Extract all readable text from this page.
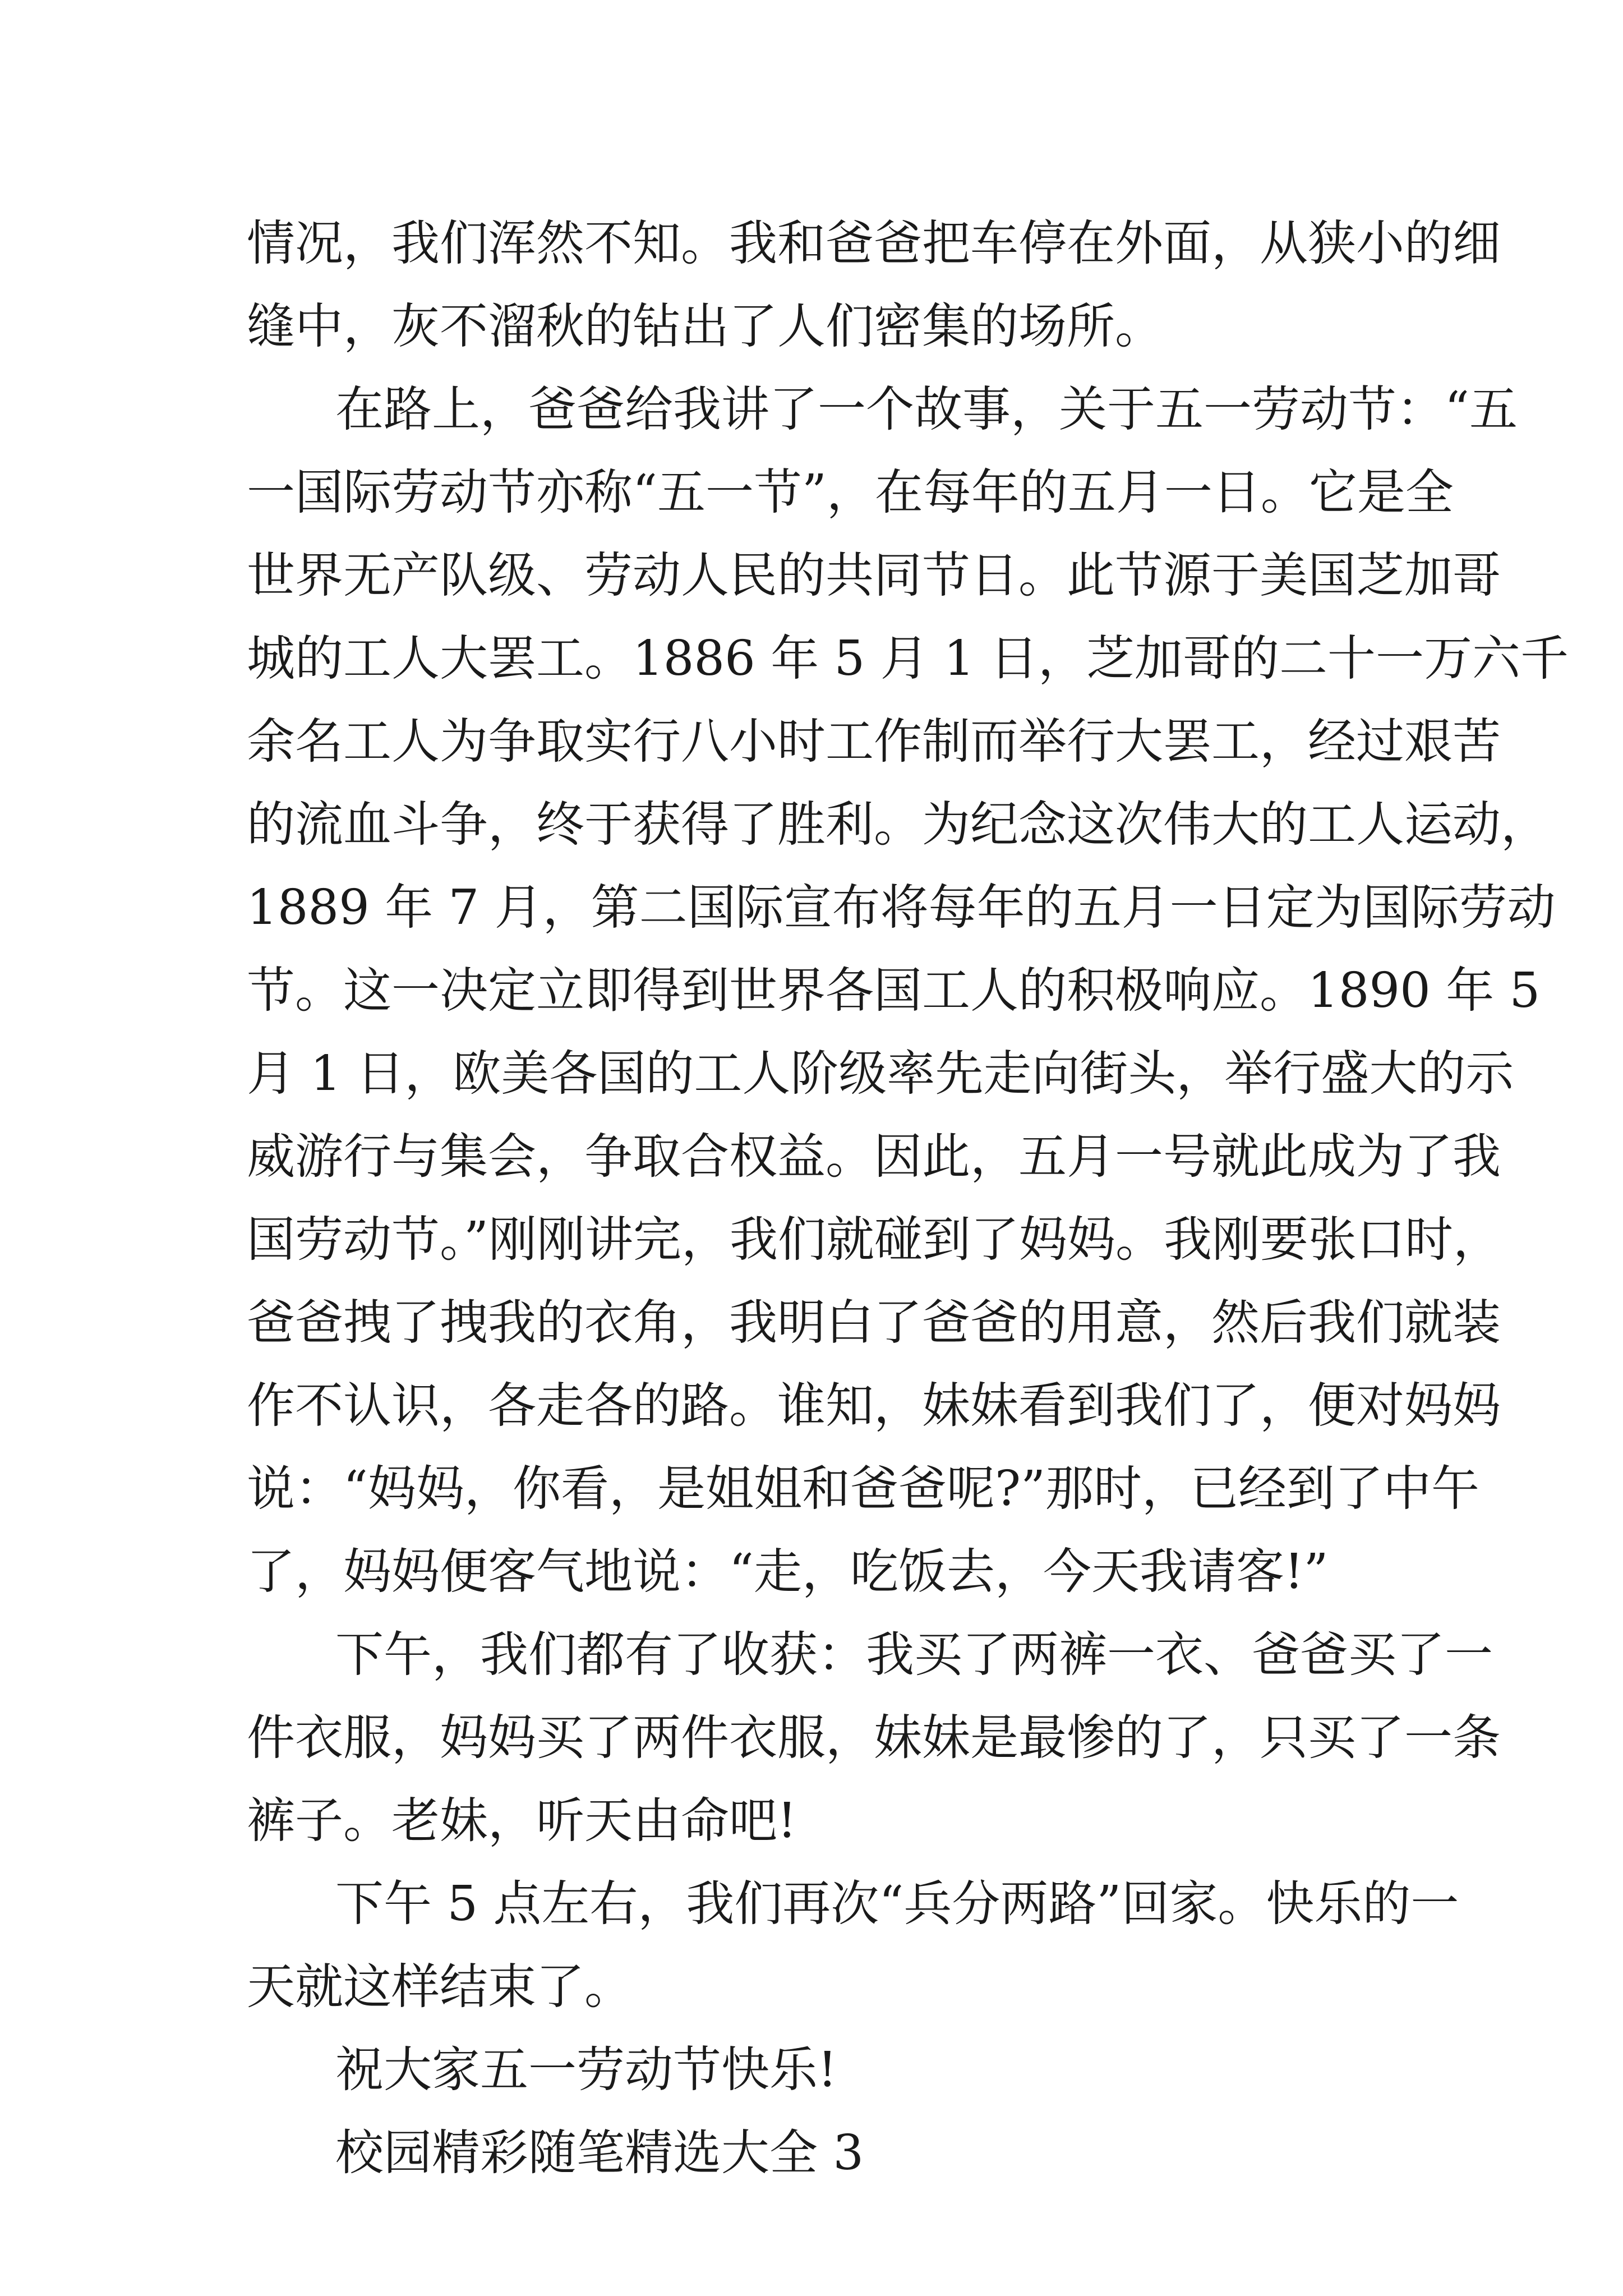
情况，我们浑然不知。我和爸爸把车停在外面，从狭小的细
缝中，灰不溜秋的钻出了人们密集的场所。
在路上，爸爸给我讲了一个故事，关于五一劳动节：“五
一国际劳动节亦称“五一节”，在每年的五月一日。它是全
世界无产队级、劳动人民的共同节日。此节源于美国芝加哥
城的工人大罢工。1886 年 5 月 1 日，芝加哥的二十一万六千
余名工人为争取实行八小时工作制而举行大罢工，经过艰苦
的流血斗争，终于获得了胜利。为纪念这次伟大的工人运动，
1889 年 7 月，第二国际宣布将每年的五月一日定为国际劳动
节。这一决定立即得到世界各国工人的积极响应。1890 年 5
月 1 日，欧美各国的工人阶级率先走向街头，举行盛大的示
威游行与集会，争取合权益。因此，五月一号就此成为了我
国劳动节。”刚刚讲完，我们就碰到了妈妈。我刚要张口时，
爸爸拽了拽我的衣角，我明白了爸爸的用意，然后我们就装
作不认识，各走各的路。谁知，妹妹看到我们了，便对妈妈
说：“妈妈，你看，是姐姐和爸爸呢?”那时，已经到了中午
了，妈妈便客气地说：“走，吃饭去，今天我请客!”
下午，我们都有了收获：我买了两裤一衣、爸爸买了一
件衣服，妈妈买了两件衣服，妹妹是最惨的了，只买了一条
裤子。老妹，听天由命吧!
下午 5 点左右，我们再次“兵分两路”回家。快乐的一
天就这样结束了。
祝大家五一劳动节快乐!
校园精彩随笔精选大全 3
